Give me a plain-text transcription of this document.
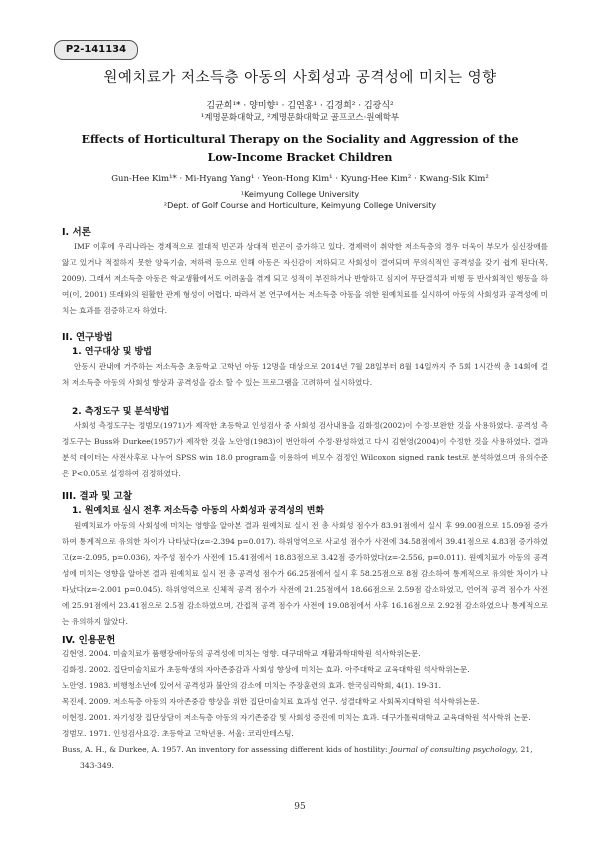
P2-141134
원예치료가 저소득층 아동의 사회성과 공격성에 미치는 영향
김균희¹* · 양미향¹ · 김연홍¹ · 김경희² · 김광식²
¹계명문화대학교, ²계명문화대학교 골프코스·원예학부
Effects of Horticultural Therapy on the Sociality and Aggression of the
Low-Income Bracket Children
Gun-Hee Kim¹* · Mi-Hyang Yang¹ · Yeon-Hong Kim¹ · Kyung-Hee Kim² · Kwang-Sik Kim²
¹Keimyung College University
²Dept. of Golf Course and Horticulture, Keimyung College University
I. 서론

IMF 이후에 우리나라는 경제적으로 절대적 빈곤과 상대적 빈곤이 증가하고 있다. 경제력이 취약한 저소득층의 경우 더욱이 부모가 심신장애를 앓고 있거나 적절하지 못한 양육기술, 저하력 등으로 인해 아동은 자신감이 저하되고 사회성이 결여되며 무의식적인 공격성을 갖기 쉽게 된다(목, 2009). 그래서 저소득층 아동은 학교생활에서도 어려움을 겪게 되고 성적이 부진하거나 반항하고 심지어 무단결석과 비행 등 반사회적인 행동을 하여(이, 2001) 또래와의 원활한 관계 형성이 어렵다. 따라서 본 연구에서는 저소득층 아동을 위한 원예치료를 실시하여 아동의 사회성과 공격성에 미치는 효과를 검증하고자 하였다.

II. 연구방법
1. 연구대상 및 방법

안동시 관내에 거주하는 저소득층 초등학교 고학년 아동 12명을 대상으로 2014년 7월 28일부터 8월 14일까지 주 5회 1시간씩 총 14회에 걸쳐 저소득층 아동의 사회성 향상과 공격성을 감소 할 수 있는 프로그램을 고려하여 실시하였다.

2. 측정도구 및 분석방법

사회성 측정도구는 정범모(1971)가 제작한 초등학교 인성검사 중 사회성 검사내용을 김화정(2002)이 수정·보완한 것을 사용하였다. 공격성 측정도구는 Buss와 Durkee(1957)가 제작한 것을 노안영(1983)이 번안하여 수정·완성하였고 다시 김현영(2004)이 수정한 것을 사용하였다. 결과 분석 데이터는 사전사후로 나누어 SPSS win 18.0 program을 이용하여 비모수 검정인 Wilcoxon signed rank test로 분석하였으며 유의수준은 P<0.05로 설정하여 검정하였다.

III. 결과 및 고찰
1. 원예치료 실시 전후 저소득층 아동의 사회성과 공격성의 변화

원예치료가 아동의 사회성에 미치는 영향을 알아본 결과 원예치료 실시 전 총 사회성 점수가 83.91점에서 실시 후 99.00점으로 15.09점 증가하여 통계적으로 유의한 차이가 나타났다(z=-2.394 p=0.017). 하위영역으로 사교성 점수가 사전에 34.58점에서 39.41점으로 4.83점 증가하였고(z=-2.095, p=0.036), 자주성 점수가 사전에 15.41점에서 18.83점으로 3.42점 증가하였다(z=-2.556, p=0.011). 원예치료가 아동의 공격성에 미치는 영향을 알아본 결과 원예치료 실시 전 총 공격성 점수가 66.25점에서 실시 후 58.25점으로 8점 감소하여 통계적으로 유의한 차이가 나타났다(z=-2.001 p=0.045). 하위영역으로 신체적 공격 점수가 사전에 21.25점에서 18.66점으로 2.59점 감소하였고, 언어적 공격 점수가 사전에 25.91점에서 23.41점으로 2.5점 감소하였으며, 간접적 공격 점수가 사전에 19.08점에서 사후 16.16점으로 2.92점 감소하였으나 통계적으로는 유의하지 않았다.

IV. 인용문헌

김현영. 2004. 미술치료가 품행장애아동의 공격성에 미치는 영향. 대구대학교 재활과학대학원 석사학위논문.

김화정. 2002. 집단미술치료가 초등학생의 자아존중감과 사회성 향상에 미치는 효과. 아주대학교 교육대학원 석사학위논문.

노안영. 1983. 비행청소년에 있어서 공격성과 불안의 감소에 미치는 주장훈련의 효과. 한국심리학회, 4(1). 19-31.

목진세. 2009. 저소득층 아동의 자아존중감 향상을 위한 집단미술치료 효과성 연구. 성결대학교 사회복지대학원 석사학위논문.

이현정. 2001. 자기성장 집단상담이 저소득층 아동의 자기존중감 및 사회성 증진에 미치는 효과. 대구가톨릭대학교 교육대학원 석사학위 논문.

정범모. 1971. 인성검사요강. 초등학교 고학년용. 서울: 코리안테스팅.

Buss, A. H., & Durkee, A. 1957. An inventory for assessing different kids of hostility: Journal of consulting psychology, 21, 343-349.

95
